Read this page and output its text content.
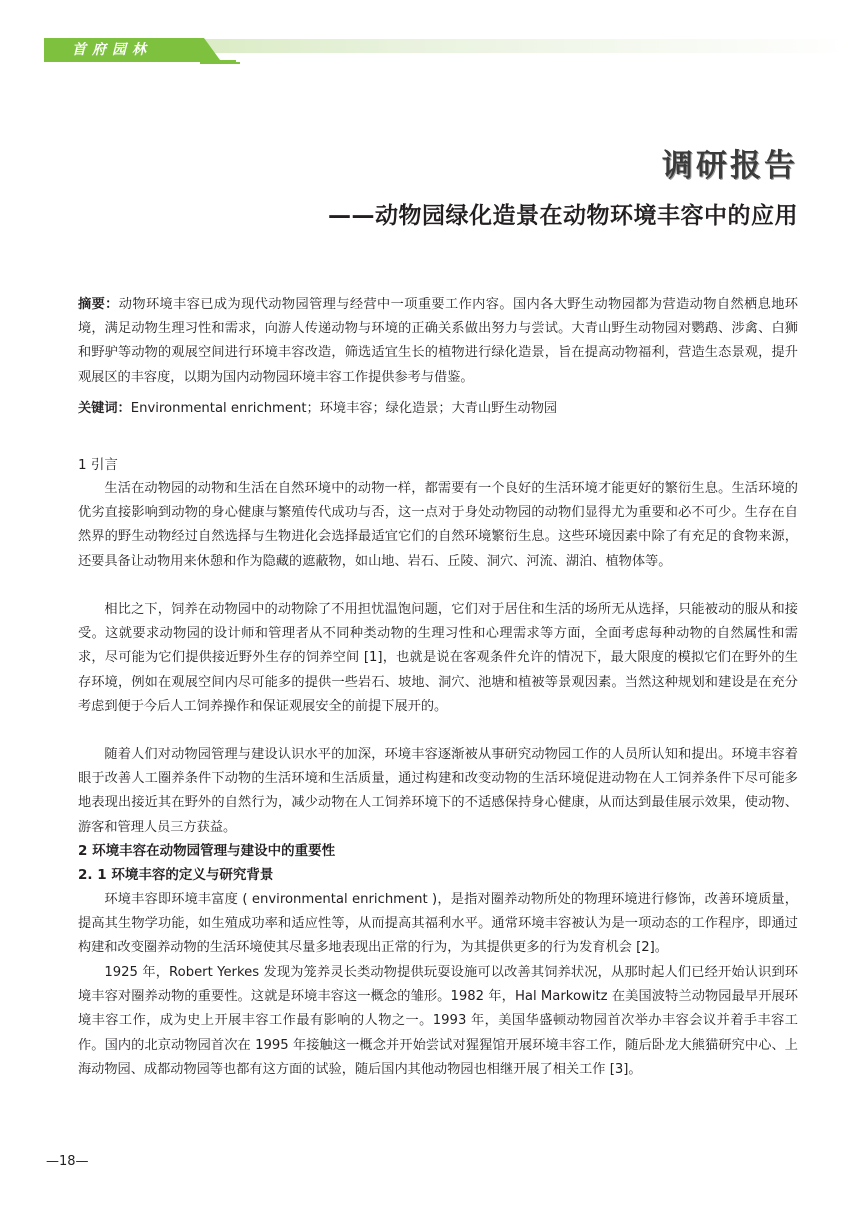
首府园林
调研报告
——动物园绿化造景在动物环境丰容中的应用

摘要：动物环境丰容已成为现代动物园管理与经营中一项重要工作内容。国内各大野生动物园都为营造动物自然栖息地环境，满足动物生理习性和需求，向游人传递动物与环境的正确关系做出努力与尝试。大青山野生动物园对鹦鹉、涉禽、白狮和野驴等动物的观展空间进行环境丰容改造，筛选适宜生长的植物进行绿化造景，旨在提高动物福利，营造生态景观，提升观展区的丰容度，以期为国内动物园环境丰容工作提供参考与借鉴。

关键词：Environmental enrichment；环境丰容；绿化造景；大青山野生动物园

1 引言

生活在动物园的动物和生活在自然环境中的动物一样，都需要有一个良好的生活环境才能更好的繁衍生息。生活环境的优劣直接影响到动物的身心健康与繁殖传代成功与否，这一点对于身处动物园的动物们显得尤为重要和必不可少。生存在自然界的野生动物经过自然选择与生物进化会选择最适宜它们的自然环境繁衍生息。这些环境因素中除了有充足的食物来源，还要具备让动物用来休憩和作为隐藏的遮蔽物，如山地、岩石、丘陵、洞穴、河流、湖泊、植物体等。

相比之下，饲养在动物园中的动物除了不用担忧温饱问题，它们对于居住和生活的场所无从选择，只能被动的服从和接受。这就要求动物园的设计师和管理者从不同种类动物的生理习性和心理需求等方面，全面考虑每种动物的自然属性和需求，尽可能为它们提供接近野外生存的饲养空间 [1]，也就是说在客观条件允许的情况下，最大限度的模拟它们在野外的生存环境，例如在观展空间内尽可能多的提供一些岩石、坡地、洞穴、池塘和植被等景观因素。当然这种规划和建设是在充分考虑到便于今后人工饲养操作和保证观展安全的前提下展开的。

随着人们对动物园管理与建设认识水平的加深，环境丰容逐渐被从事研究动物园工作的人员所认知和提出。环境丰容着眼于改善人工圈养条件下动物的生活环境和生活质量，通过构建和改变动物的生活环境促进动物在人工饲养条件下尽可能多地表现出接近其在野外的自然行为，减少动物在人工饲养环境下的不适感保持身心健康，从而达到最佳展示效果，使动物、游客和管理人员三方获益。

2 环境丰容在动物园管理与建设中的重要性
2. 1 环境丰容的定义与研究背景

环境丰容即环境丰富度 ( environmental enrichment )，是指对圈养动物所处的物理环境进行修饰，改善环境质量，提高其生物学功能，如生殖成功率和适应性等，从而提高其福利水平。通常环境丰容被认为是一项动态的工作程序，即通过构建和改变圈养动物的生活环境使其尽量多地表现出正常的行为，为其提供更多的行为发育机会 [2]。

1925 年，Robert Yerkes 发现为笼养灵长类动物提供玩耍设施可以改善其饲养状况，从那时起人们已经开始认识到环境丰容对圈养动物的重要性。这就是环境丰容这一概念的雏形。1982 年，Hal Markowitz 在美国波特兰动物园最早开展环境丰容工作，成为史上开展丰容工作最有影响的人物之一。1993 年，美国华盛顿动物园首次举办丰容会议并着手丰容工作。国内的北京动物园首次在 1995 年接触这一概念并开始尝试对猩猩馆开展环境丰容工作，随后卧龙大熊猫研究中心、上海动物园、成都动物园等也都有这方面的试验，随后国内其他动物园也相继开展了相关工作 [3]。

—18—
